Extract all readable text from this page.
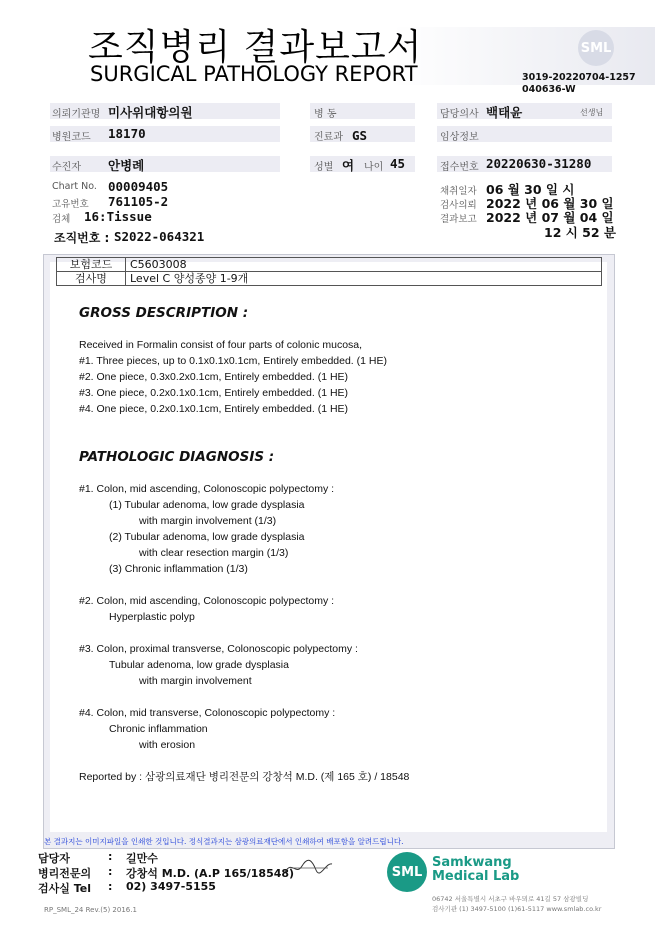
조직병리 결과보고서
SURGICAL PATHOLOGY REPORT
SML
3019-20220704-1257
040636-W
의뢰기관명 미사위대항의원	병 동	담당의사 백태윤	선생님
병원코드 18170	진료과 GS	임상정보
수진자 안병례	성별 여 나이 45	접수번호 20220630-31280
Chart No. 00009405
고유번호 761105-2
검체 16:Tissue
채취일자 06 월 30 일 시
검사의뢰 2022 년 06 월 30 일
결과보고 2022 년 07 월 04 일
12 시 52 분
조직번호 : S2022-064321
보험코드	C5603008
검사명	Level C 양성종양 1-9개
GROSS DESCRIPTION :
Received in Formalin consist of four parts of colonic mucosa,
#1. Three pieces, up to 0.1x0.1x0.1cm, Entirely embedded. (1 HE)
#2. One piece, 0.3x0.2x0.1cm, Entirely embedded. (1 HE)
#3. One piece, 0.2x0.1x0.1cm, Entirely embedded. (1 HE)
#4. One piece, 0.2x0.1x0.1cm, Entirely embedded. (1 HE)
PATHOLOGIC DIAGNOSIS :
#1. Colon, mid ascending, Colonoscopic polypectomy :
(1) Tubular adenoma, low grade dysplasia
with margin involvement (1/3)
(2) Tubular adenoma, low grade dysplasia
with clear resection margin (1/3)
(3) Chronic inflammation (1/3)
#2. Colon, mid ascending, Colonoscopic polypectomy :
Hyperplastic polyp
#3. Colon, proximal transverse, Colonoscopic polypectomy :
Tubular adenoma, low grade dysplasia
with margin involvement
#4. Colon, mid transverse, Colonoscopic polypectomy :
Chronic inflammation
with erosion
Reported by : 삼광의료재단 병리전문의 강창석 M.D. (제 165 호) / 18548
본 결과지는 이미지파일을 인쇄한 것입니다. 정식결과지는 삼광의료재단에서 인쇄하여 배포함을 알려드립니다.
담당자	: 길만수
병리전문의 : 강창석 M.D. (A.P 165/18548)
검사실 Tel : 02) 3497-5155
SML
Samkwang
Medical Lab
06742 서울특별시 서초구 바우뫼로 41길 57 삼광빌딩
검사기관 (1) 3497-5100 (1)61-5117 www.smlab.co.kr
RP_SML_24 Rev.(5) 2016.1
